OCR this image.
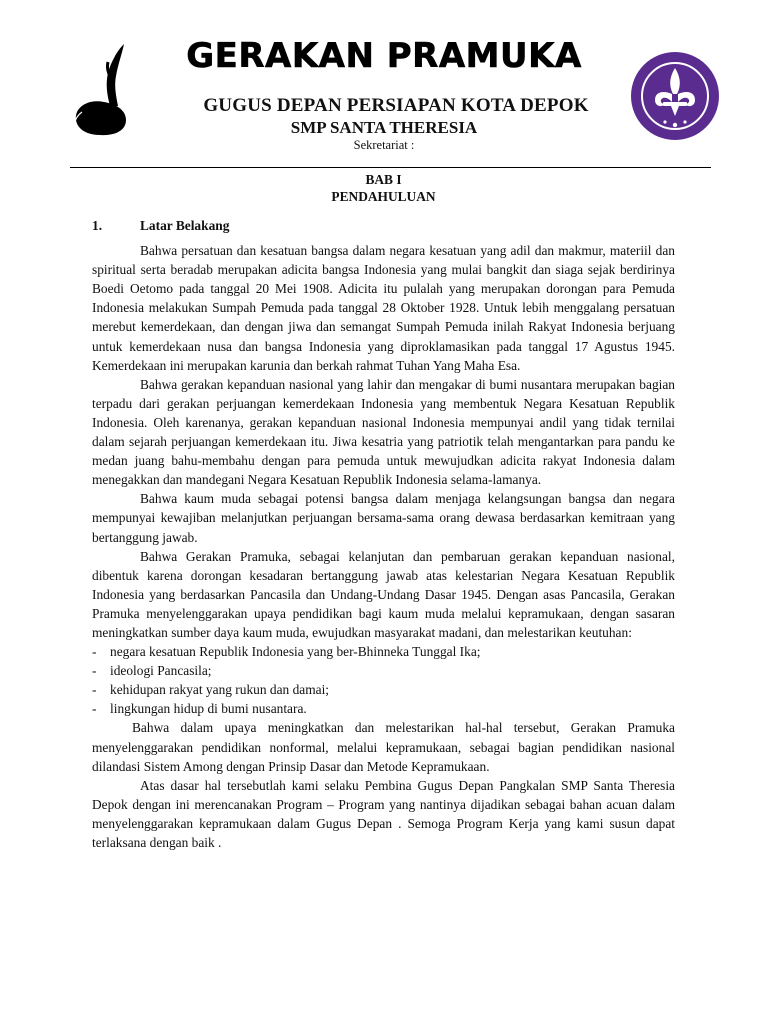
GERAKAN PRAMUKA
GUGUS DEPAN PERSIAPAN KOTA DEPOK
SMP SANTA THERESIA
Sekretariat :
BAB I
PENDAHULUAN
1.	Latar Belakang

Bahwa persatuan dan kesatuan bangsa dalam negara kesatuan yang adil dan makmur, materiil dan spiritual serta beradab merupakan adicita bangsa Indonesia yang mulai bangkit dan siaga sejak berdirinya Boedi Oetomo pada tanggal 20 Mei 1908. Adicita itu pulalah yang merupakan dorongan para Pemuda Indonesia melakukan Sumpah Pemuda pada tanggal 28 Oktober 1928. Untuk lebih menggalang persatuan merebut kemerdekaan, dan dengan jiwa dan semangat Sumpah Pemuda inilah Rakyat Indonesia berjuang untuk kemerdekaan nusa dan bangsa Indonesia yang diproklamasikan pada tanggal 17 Agustus 1945. Kemerdekaan ini merupakan karunia dan berkah rahmat Tuhan Yang Maha Esa.

Bahwa gerakan kepanduan nasional yang lahir dan mengakar di bumi nusantara merupakan bagian terpadu dari gerakan perjuangan kemerdekaan Indonesia yang membentuk Negara Kesatuan Republik Indonesia. Oleh karenanya, gerakan kepanduan nasional Indonesia mempunyai andil yang tidak ternilai dalam sejarah perjuangan kemerdekaan itu. Jiwa kesatria yang patriotik telah mengantarkan para pandu ke medan juang bahu-membahu dengan para pemuda untuk mewujudkan adicita rakyat Indonesia dalam menegakkan dan mandegani Negara Kesatuan Republik Indonesia selama-lamanya.

Bahwa kaum muda sebagai potensi bangsa dalam menjaga kelangsungan bangsa dan negara mempunyai kewajiban melanjutkan perjuangan bersama-sama orang dewasa berdasarkan kemitraan yang bertanggung jawab.

Bahwa Gerakan Pramuka, sebagai kelanjutan dan pembaruan gerakan kepanduan nasional, dibentuk karena dorongan kesadaran bertanggung jawab atas kelestarian Negara Kesatuan Republik Indonesia yang berdasarkan Pancasila dan Undang-Undang Dasar 1945. Dengan asas Pancasila, Gerakan Pramuka menyelenggarakan upaya pendidikan bagi kaum muda melalui kepramukaan, dengan sasaran meningkatkan sumber daya kaum muda, ewujudkan masyarakat madani, dan melestarikan keutuhan:

-	negara kesatuan Republik Indonesia yang ber-Bhinneka Tunggal Ika;
-	ideologi Pancasila;
-	kehidupan rakyat yang rukun dan damai;
-	lingkungan hidup di bumi nusantara.

Bahwa dalam upaya meningkatkan dan melestarikan hal-hal tersebut, Gerakan Pramuka menyelenggarakan pendidikan nonformal, melalui kepramukaan, sebagai bagian pendidikan nasional dilandasi Sistem Among dengan Prinsip Dasar dan Metode Kepramukaan.

Atas dasar hal tersebutlah kami selaku Pembina Gugus Depan Pangkalan SMP Santa Theresia Depok dengan ini merencanakan Program – Program yang nantinya dijadikan sebagai bahan acuan dalam menyelenggarakan kepramukaan dalam Gugus Depan . Semoga Program Kerja yang kami susun dapat terlaksana dengan baik .
